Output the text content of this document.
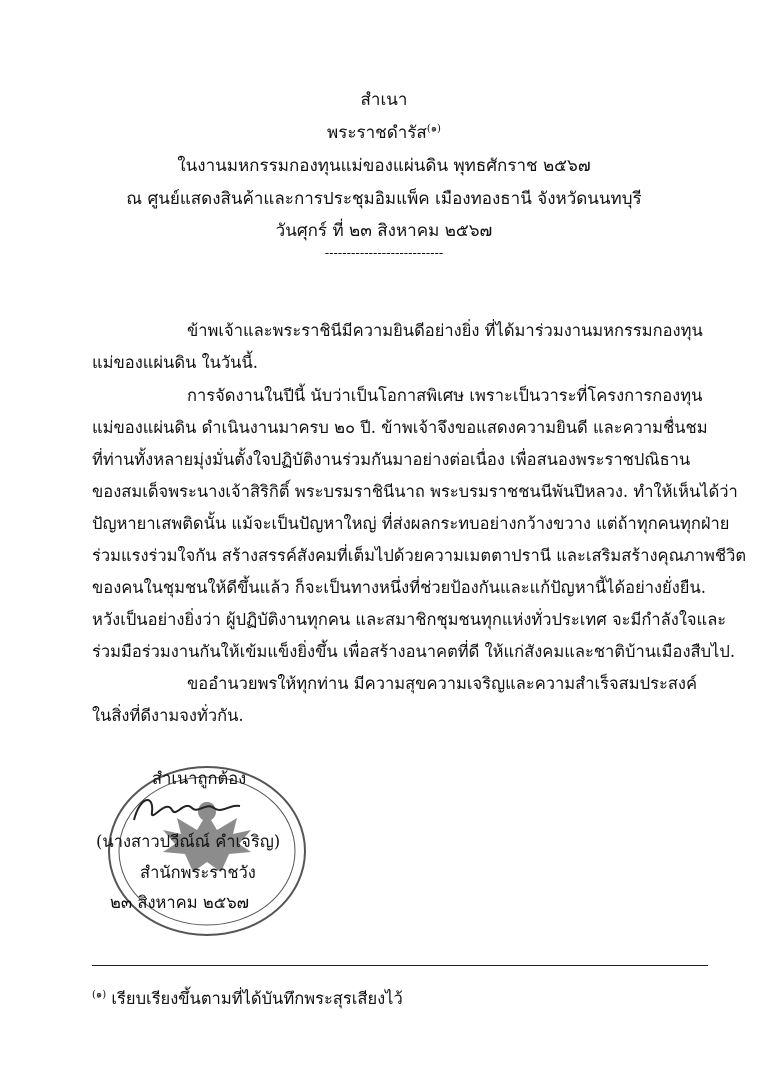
สำเนา
พระราชดำรัส$^{(๑)}$
ในงานมหกรรมกองทุนแม่ของแผ่นดิน พุทธศักราช ๒๕๖๗
ณ ศูนย์แสดงสินค้าและการประชุมอิมแพ็ค เมืองทองธานี จังหวัดนนทบุรี
วันศุกร์ ที่ ๒๓ สิงหาคม ๒๕๖๗
---------------------------
ข้าพเจ้าและพระราชินีมีความยินดีอย่างยิ่ง ที่ได้มาร่วมงานมหกรรมกองทุน
แม่ของแผ่นดิน ในวันนี้.
การจัดงานในปีนี้ นับว่าเป็นโอกาสพิเศษ เพราะเป็นวาระที่โครงการกองทุน
แม่ของแผ่นดิน ดำเนินงานมาครบ ๒๐ ปี. ข้าพเจ้าจึงขอแสดงความยินดี และความชื่นชม
ที่ท่านทั้งหลายมุ่งมั่นตั้งใจปฏิบัติงานร่วมกันมาอย่างต่อเนื่อง เพื่อสนองพระราชปณิธาน
ของสมเด็จพระนางเจ้าสิริกิติ์ พระบรมราชินีนาถ พระบรมราชชนนีพันปีหลวง. ทำให้เห็นได้ว่า
ปัญหายาเสพติดนั้น แม้จะเป็นปัญหาใหญ่ ที่ส่งผลกระทบอย่างกว้างขวาง แต่ถ้าทุกคนทุกฝ่าย
ร่วมแรงร่วมใจกัน สร้างสรรค์สังคมที่เต็มไปด้วยความเมตตาปรานี และเสริมสร้างคุณภาพชีวิต
ของคนในชุมชนให้ดีขึ้นแล้ว ก็จะเป็นทางหนึ่งที่ช่วยป้องกันและแก้ปัญหานี้ได้อย่างยั่งยืน.
หวังเป็นอย่างยิ่งว่า ผู้ปฏิบัติงานทุกคน และสมาชิกชุมชนทุกแห่งทั่วประเทศ จะมีกำลังใจและ
ร่วมมือร่วมงานกันให้เข้มแข็งยิ่งขึ้น เพื่อสร้างอนาคตที่ดี ให้แก่สังคมและชาติบ้านเมืองสืบไป.
ขออำนวยพรให้ทุกท่าน มีความสุขความเจริญและความสำเร็จสมประสงค์
ในสิ่งที่ดีงามจงทั่วกัน.
สำเนาถูกต้อง
(นางสาวปวีณ์ณ์ คำเจริญ)
สำนักพระราชวัง
๒๓ สิงหาคม ๒๕๖๗
$^{(๑)}$ เรียบเรียงขึ้นตามที่ได้บันทึกพระสุรเสียงไว้
